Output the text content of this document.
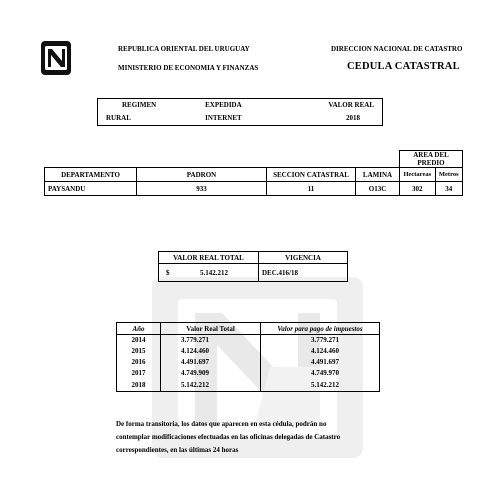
REPUBLICA ORIENTAL DEL URUGUAY
MINISTERIO DE ECONOMIA Y FINANZAS
DIRECCION NACIONAL DE CATASTRO
CEDULA CATASTRAL
REGIMEN	EXPEDIDA	VALOR REAL
RURAL	INTERNET	2018
				AREA DEL PREDIO	
DEPARTAMENTO	PADRON	SECCION CATASTRAL	LAMINA	Hectareas	Metros
PAYSANDU	933	11	O13C	302	34
VALOR REAL TOTAL	VIGENCIA
$ 5.142.212	DEC.416/18
Año	Valor Real Total	Valor para pago de impuestos
2014	3.779.271	3.779.271
2015	4.124.460	4.124.460
2016	4.491.697	4.491.697
2017	4.749.909	4.749.970
2018	5.142.212	5.142.212
De forma transitoria, los datos que aparecen en esta cédula, podrán no
contemplar modificaciones efectuadas en las oficinas delegadas de Catastro
correspondientes, en las últimas 24 horas
